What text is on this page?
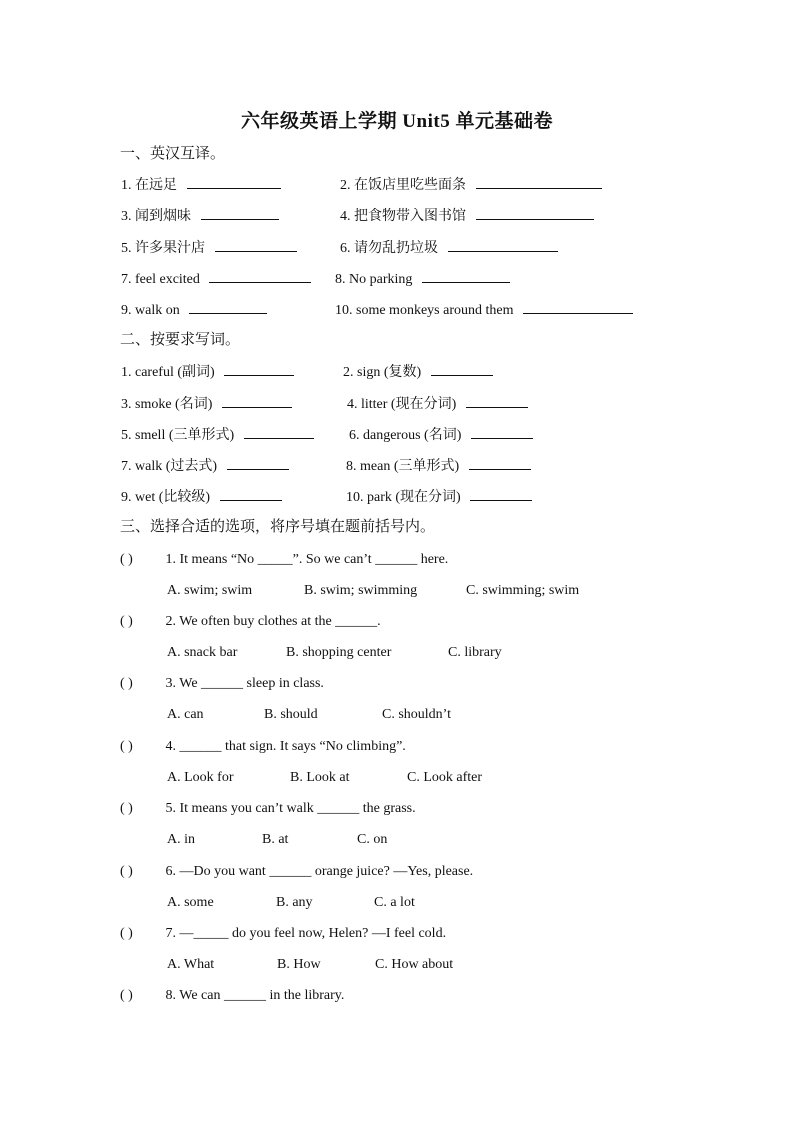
六年级英语上学期 Unit5 单元基础卷
一、英汉互译。
1. 在远足	2. 在饭店里吃些面条
3. 闻到烟味	4. 把食物带入图书馆
5. 许多果汁店	6. 请勿乱扔垃圾
7. feel excited	8. No parking
9. walk on	10. some monkeys around them
二、按要求写词。
1. careful (副词)	2. sign (复数)
3. smoke (名词)	4. litter (现在分词)
5. smell (三单形式)	6. dangerous (名词)
7. walk (过去式)	8. mean (三单形式)
9. wet (比较级)	10. park (现在分词)
三、选择合适的选项，将序号填在题前括号内。
( ) 1. It means “No _____”. So we can’t ______ here.
A. swim; swim	B. swim; swimming	C. swimming; swim
( ) 2. We often buy clothes at the ______.
A. snack bar	B. shopping center	C. library
( ) 3. We ______ sleep in class.
A. can	B. should	C. shouldn’t
( ) 4. ______ that sign. It says “No climbing”.
A. Look for	B. Look at	C. Look after
( ) 5. It means you can’t walk ______ the grass.
A. in	B. at	C. on
( ) 6. —Do you want ______ orange juice? —Yes, please.
A. some	B. any	C. a lot
( ) 7. —_____ do you feel now, Helen? —I feel cold.
A. What	B. How	C. How about
( ) 8. We can ______ in the library.
